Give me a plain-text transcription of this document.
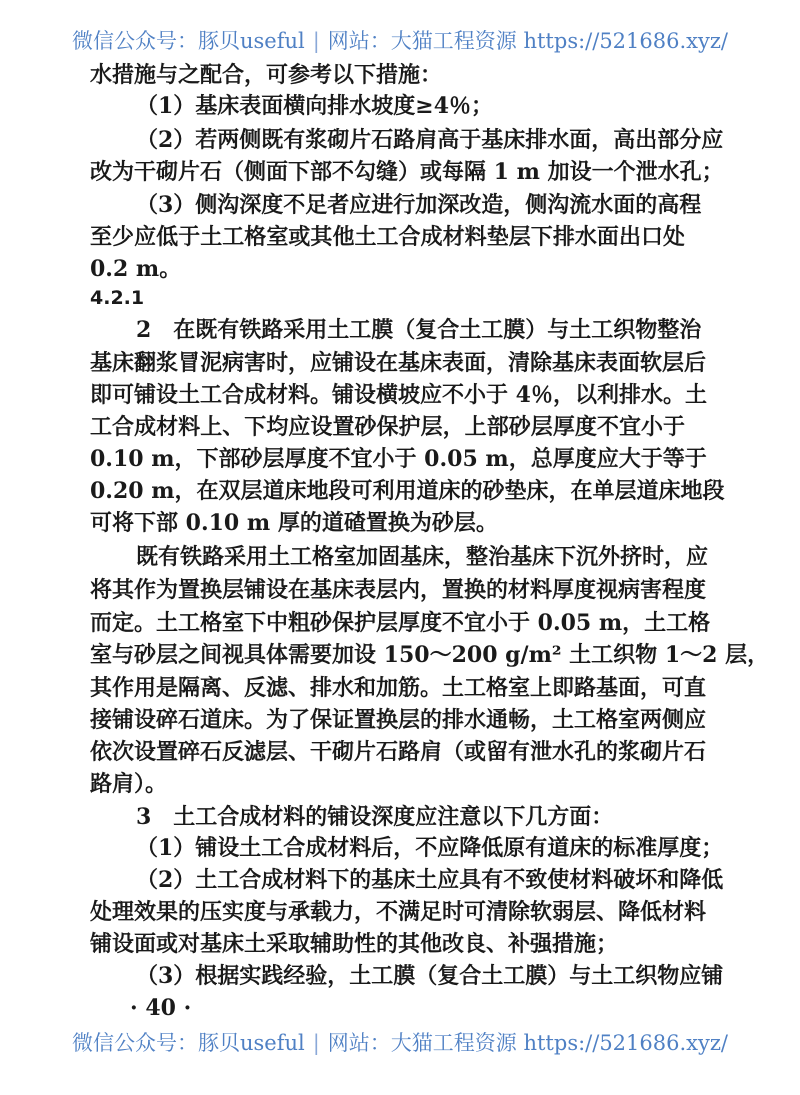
微信公众号：豚贝useful | 网站：大猫工程资源 https://521686.xyz/
水措施与之配合，可参考以下措施：
（1）基床表面横向排水坡度≥4％；
（2）若两侧既有浆砌片石路肩高于基床排水面，高出部分应
改为干砌片石（侧面下部不勾缝）或每隔 1 m 加设一个泄水孔；
（3）侧沟深度不足者应进行加深改造，侧沟流水面的高程
至少应低于土工格室或其他土工合成材料垫层下排水面出口处
0.2 m。
4.2.1
2　在既有铁路采用土工膜（复合土工膜）与土工织物整治
基床翻浆冒泥病害时，应铺设在基床表面，清除基床表面软层后
即可铺设土工合成材料。铺设横坡应不小于 4％，以利排水。土
工合成材料上、下均应设置砂保护层，上部砂层厚度不宜小于
0.10 m，下部砂层厚度不宜小于 0.05 m，总厚度应大于等于
0.20 m，在双层道床地段可利用道床的砂垫床，在单层道床地段
可将下部 0.10 m 厚的道碴置换为砂层。
既有铁路采用土工格室加固基床，整治基床下沉外挤时，应
将其作为置换层铺设在基床表层内，置换的材料厚度视病害程度
而定。土工格室下中粗砂保护层厚度不宜小于 0.05 m，土工格
室与砂层之间视具体需要加设 150～200 g/m² 土工织物 1～2 层，
其作用是隔离、反滤、排水和加筋。土工格室上即路基面，可直
接铺设碎石道床。为了保证置换层的排水通畅，土工格室两侧应
依次设置碎石反滤层、干砌片石路肩（或留有泄水孔的浆砌片石
路肩）。
3　土工合成材料的铺设深度应注意以下几方面：
（1）铺设土工合成材料后，不应降低原有道床的标准厚度；
（2）土工合成材料下的基床土应具有不致使材料破坏和降低
处理效果的压实度与承载力，不满足时可清除软弱层、降低材料
铺设面或对基床土采取辅助性的其他改良、补强措施；
（3）根据实践经验，土工膜（复合土工膜）与土工织物应铺
· 40 ·
微信公众号：豚贝useful | 网站：大猫工程资源 https://521686.xyz/
